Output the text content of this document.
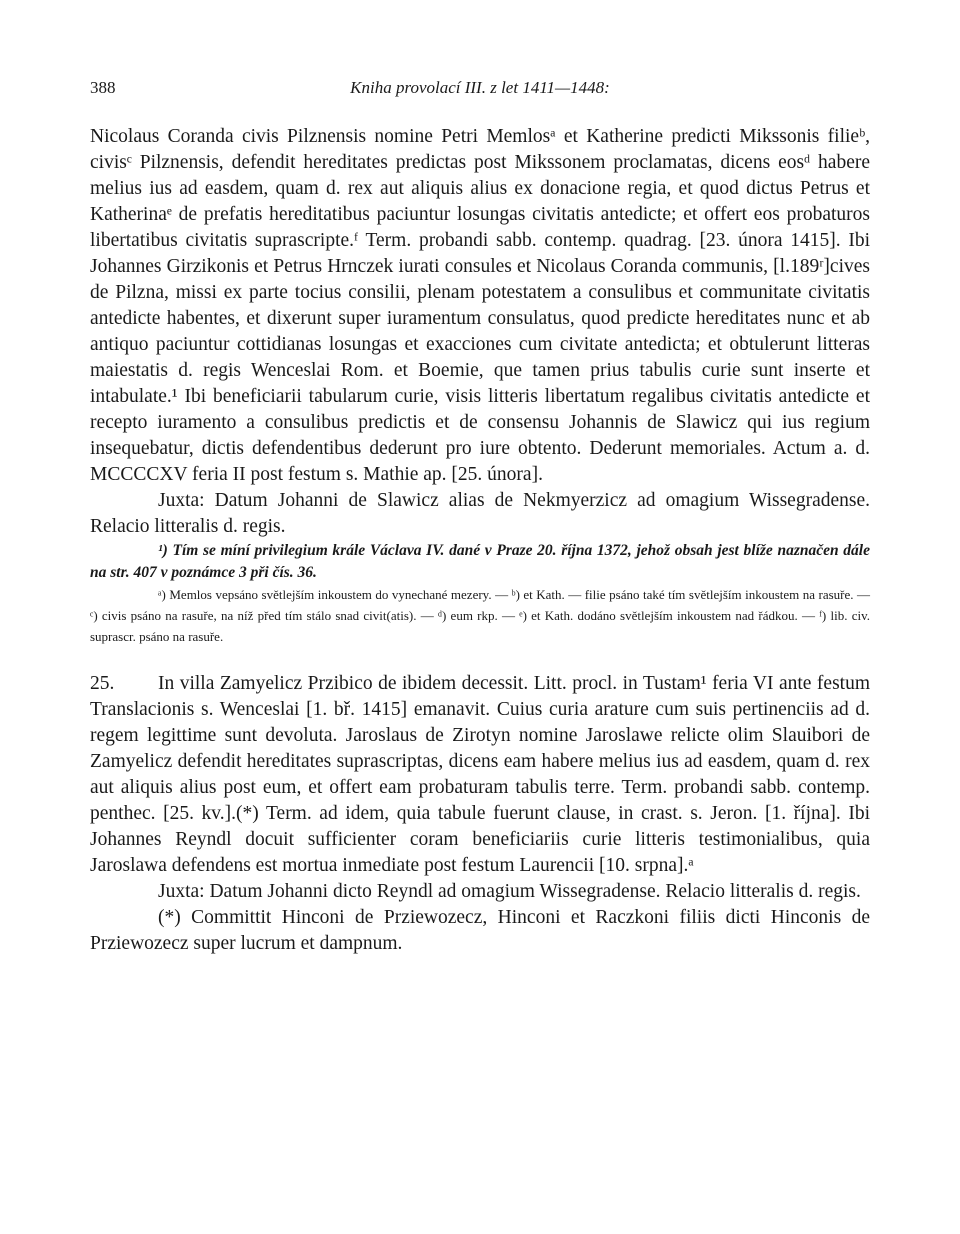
388	Kniha provolací III. z let 1411—1448:

Nicolaus Coranda civis Pilznensis nomine Petri Memlosᵃ et Katherine predicti Mikssonis filieᵇ, civisᶜ Pilznensis, defendit hereditates predictas post Mikssonem proclamatas, dicens eosᵈ habere melius ius ad easdem, quam d. rex aut aliquis alius ex donacione regia, et quod dictus Petrus et Katherinaᵉ de prefatis hereditatibus paciuntur losungas civitatis antedicte; et offert eos probaturos libertatibus civitatis suprascripte.ᶠ Term. probandi sabb. contemp. quadrag. [23. února 1415]. Ibi Johannes Girzikonis et Petrus Hrnczek iurati consules et Nicolaus Coranda communis, [l.189ʳ]cives de Pilzna, missi ex parte tocius consilii, plenam potestatem a consulibus et communitate civitatis antedicte habentes, et dixerunt super iuramentum consulatus, quod predicte hereditates nunc et ab antiquo paciuntur cottidianas losungas et exacciones cum civitate antedicta; et obtulerunt litteras maiestatis d. regis Wenceslai Rom. et Boemie, que tamen prius tabulis curie sunt inserte et intabulate.¹ Ibi beneficiarii tabularum curie, visis litteris libertatum regalibus civitatis antedicte et recepto iuramento a consulibus predictis et de consensu Johannis de Slawicz qui ius regium insequebatur, dictis defendentibus dederunt pro iure obtento. Dederunt memoriales. Actum a. d. MCCCCXV feria II post festum s. Mathie ap. [25. února].

Juxta: Datum Johanni de Slawicz alias de Nekmyerzicz ad omagium Wissegradense. Relacio litteralis d. regis.

¹) Tím se míní privilegium krále Václava IV. dané v Praze 20. října 1372, jehož obsah jest blíže naznačen dále na str. 407 v poznámce 3 při čís. 36.

ᵃ) Memlos vepsáno světlejším inkoustem do vynechané mezery. — ᵇ) et Kath. — filie psáno také tím světlejším inkoustem na rasuře. — ᶜ) civis psáno na rasuře, na níž před tím stálo snad civit(atis). — ᵈ) eum rkp. — ᵉ) et Kath. dodáno světlejším inkoustem nad řádkou. — ᶠ) lib. civ. suprascr. psáno na rasuře.

25. In villa Zamyelicz Przibico de ibidem decessit. Litt. procl. in Tustam¹ feria VI ante festum Translacionis s. Wenceslai [1. bř. 1415] emanavit. Cuius curia arature cum suis pertinenciis ad d. regem legittime sunt devoluta. Jaroslaus de Zirotyn nomine Jaroslawe relicte olim Slauibori de Zamyelicz defendit hereditates suprascriptas, dicens eam habere melius ius ad easdem, quam d. rex aut aliquis alius post eum, et offert eam probaturam tabulis terre. Term. probandi sabb. contemp. penthec. [25. kv.].(*) Term. ad idem, quia tabule fuerunt clause, in crast. s. Jeron. [1. října]. Ibi Johannes Reyndl docuit sufficienter coram beneficiariis curie litteris testimonialibus, quia Jaroslawa defendens est mortua inmediate post festum Laurencii [10. srpna].ᵃ

Juxta: Datum Johanni dicto Reyndl ad omagium Wissegradense. Relacio litteralis d. regis.

(*) Committit Hinconi de Prziewozecz, Hinconi et Raczkoni filiis dicti Hinconis de Prziewozecz super lucrum et dampnum.
